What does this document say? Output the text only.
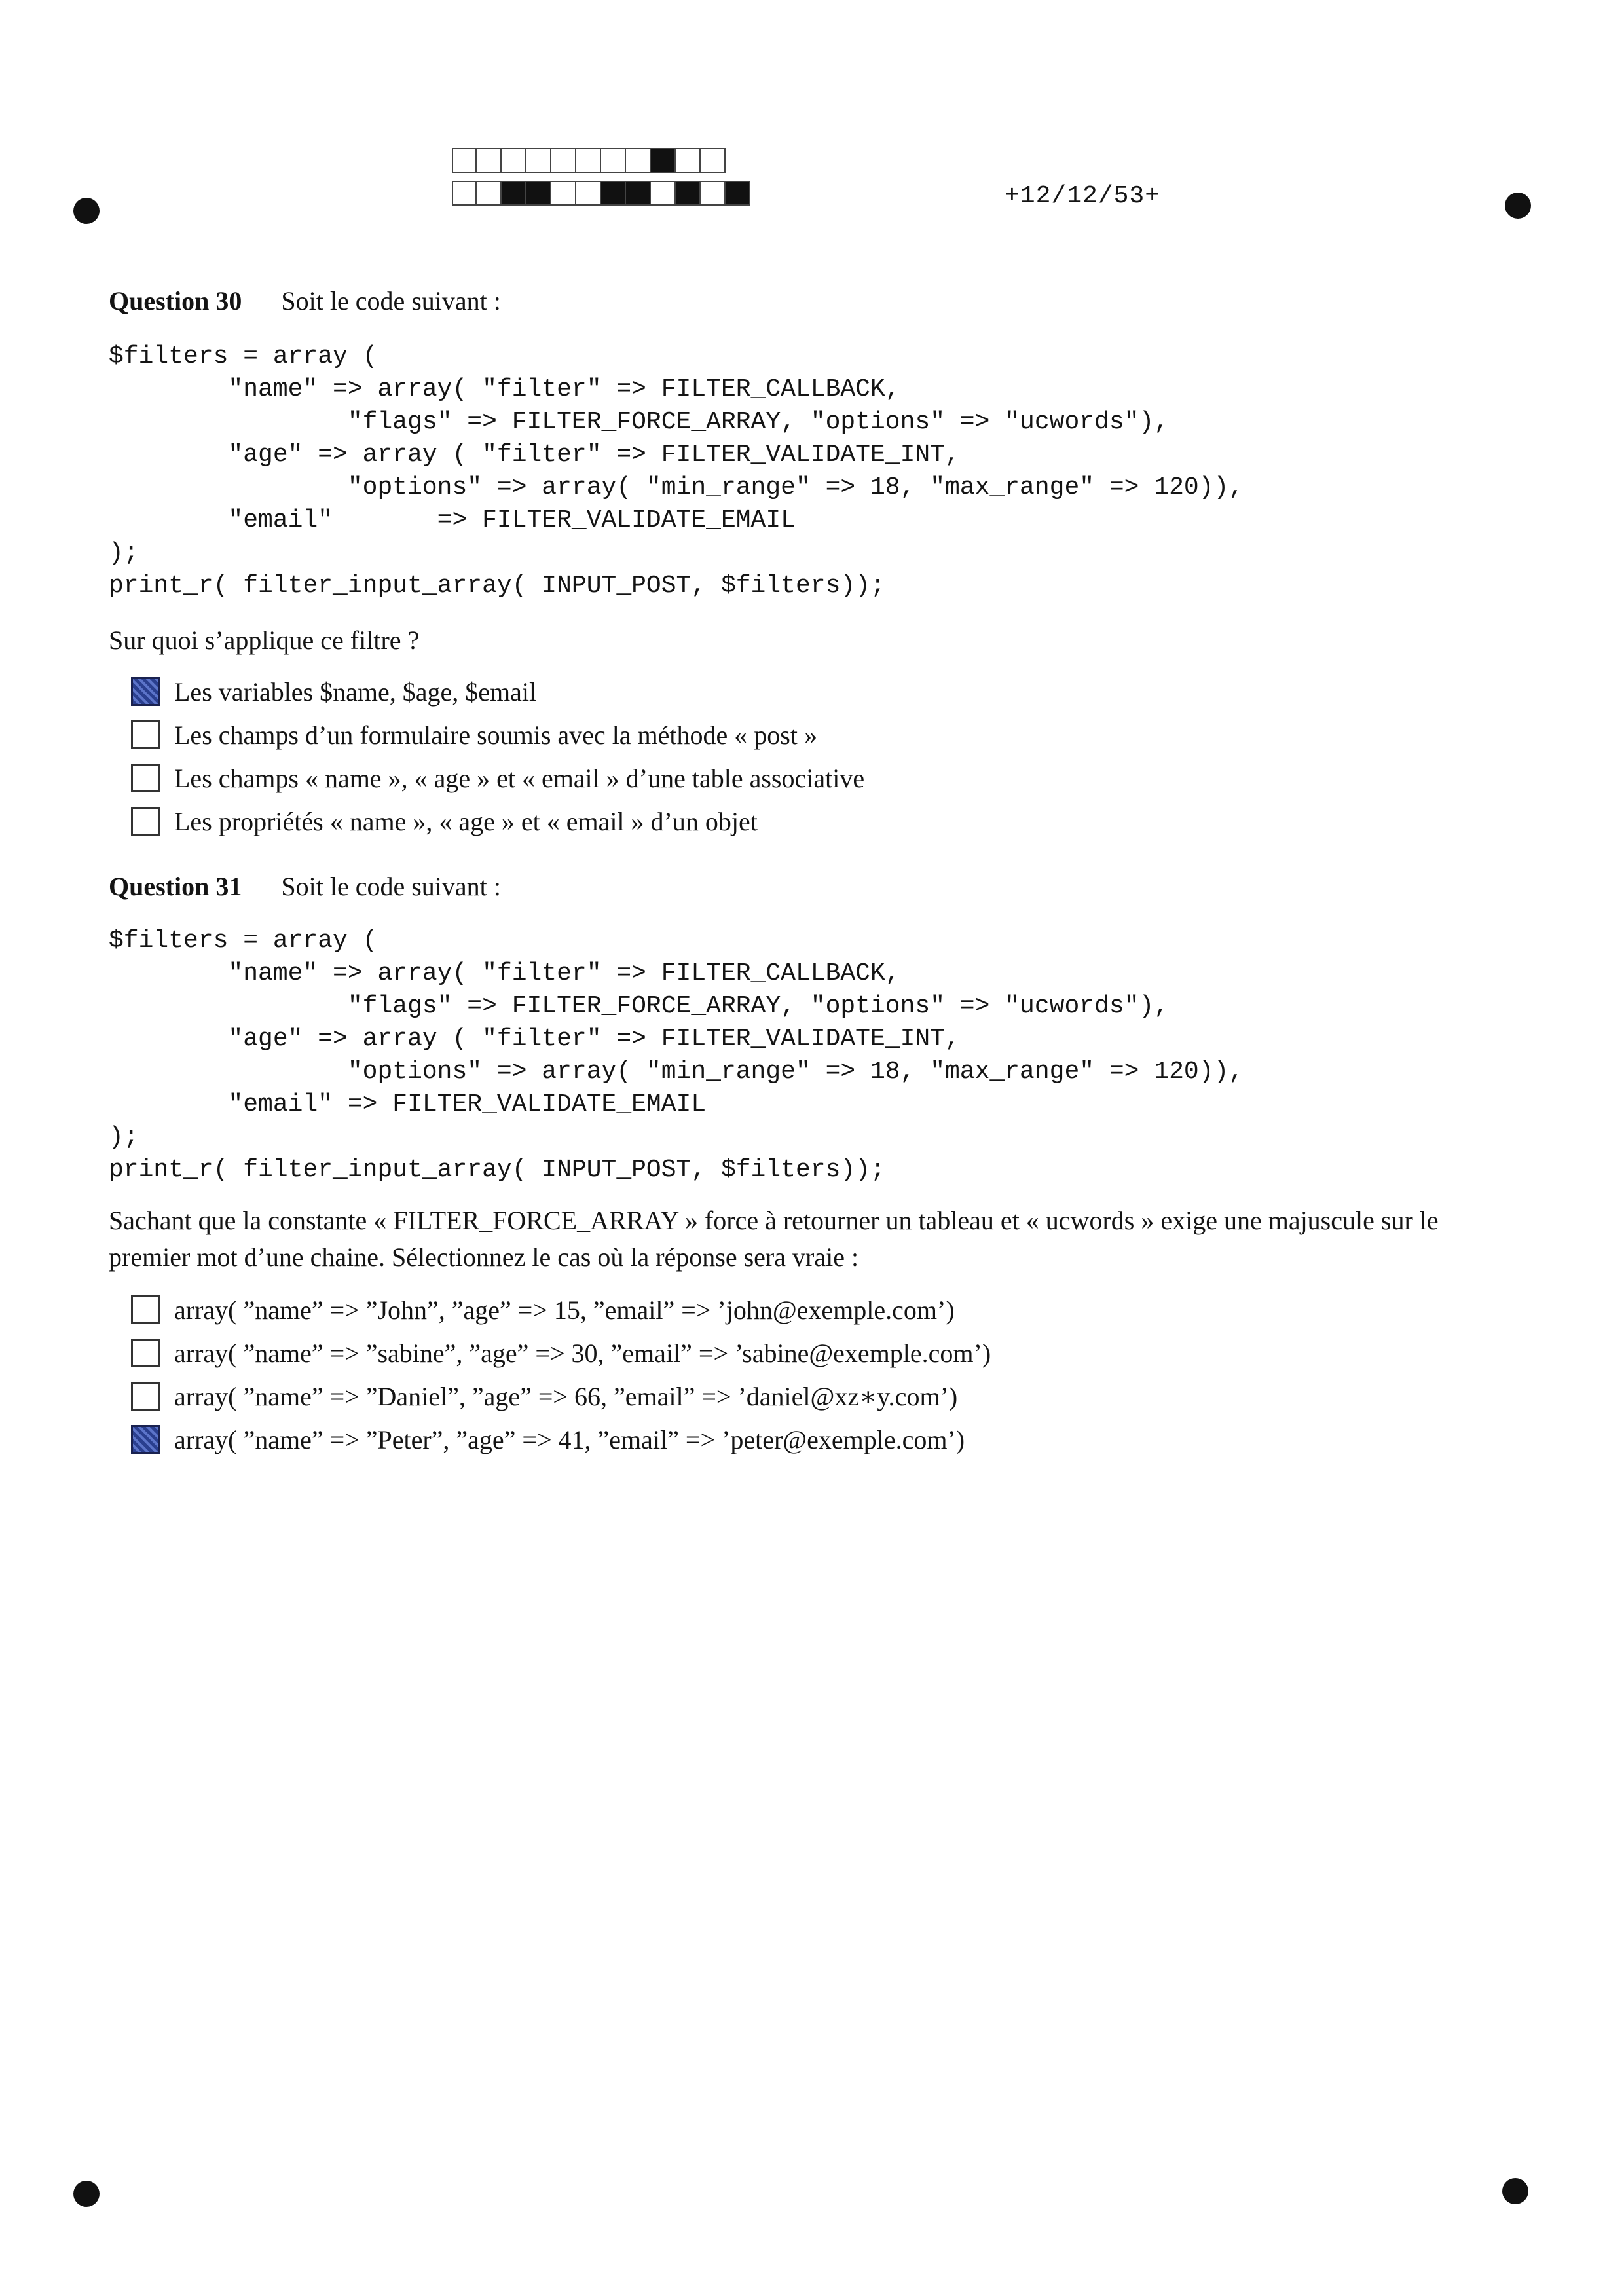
+12/12/53+
Question 30 Soit le code suivant :
$filters = array (
"name" => array( "filter" => FILTER_CALLBACK,
"flags" => FILTER_FORCE_ARRAY, "options" => "ucwords"),
"age" => array ( "filter" => FILTER_VALIDATE_INT,
"options" => array( "min_range" => 18, "max_range" => 120)),
"email"       => FILTER_VALIDATE_EMAIL
);
print_r( filter_input_array( INPUT_POST, $filters));
Sur quoi s’applique ce filtre ?
Les variables $name, $age, $email
Les champs d’un formulaire soumis avec la méthode « post »
Les champs « name », « age » et « email » d’une table associative
Les propriétés « name », « age » et « email » d’un objet
Question 31 Soit le code suivant :
$filters = array (
"name" => array( "filter" => FILTER_CALLBACK,
"flags" => FILTER_FORCE_ARRAY, "options" => "ucwords"),
"age" => array ( "filter" => FILTER_VALIDATE_INT,
"options" => array( "min_range" => 18, "max_range" => 120)),
"email" => FILTER_VALIDATE_EMAIL
);
print_r( filter_input_array( INPUT_POST, $filters));
Sachant que la constante « FILTER_FORCE_ARRAY » force à retourner un tableau et « ucwords » exige une majuscule sur le premier mot d’une chaine. Sélectionnez le cas où la réponse sera vraie :
array( ”name” => ”John”, ”age” => 15, ”email” => ’john@exemple.com’)
array( ”name” => ”sabine”, ”age” => 30, ”email” => ’sabine@exemple.com’)
array( ”name” => ”Daniel”, ”age” => 66, ”email” => ’daniel@xz∗y.com’)
array( ”name” => ”Peter”, ”age” => 41, ”email” => ’peter@exemple.com’)
